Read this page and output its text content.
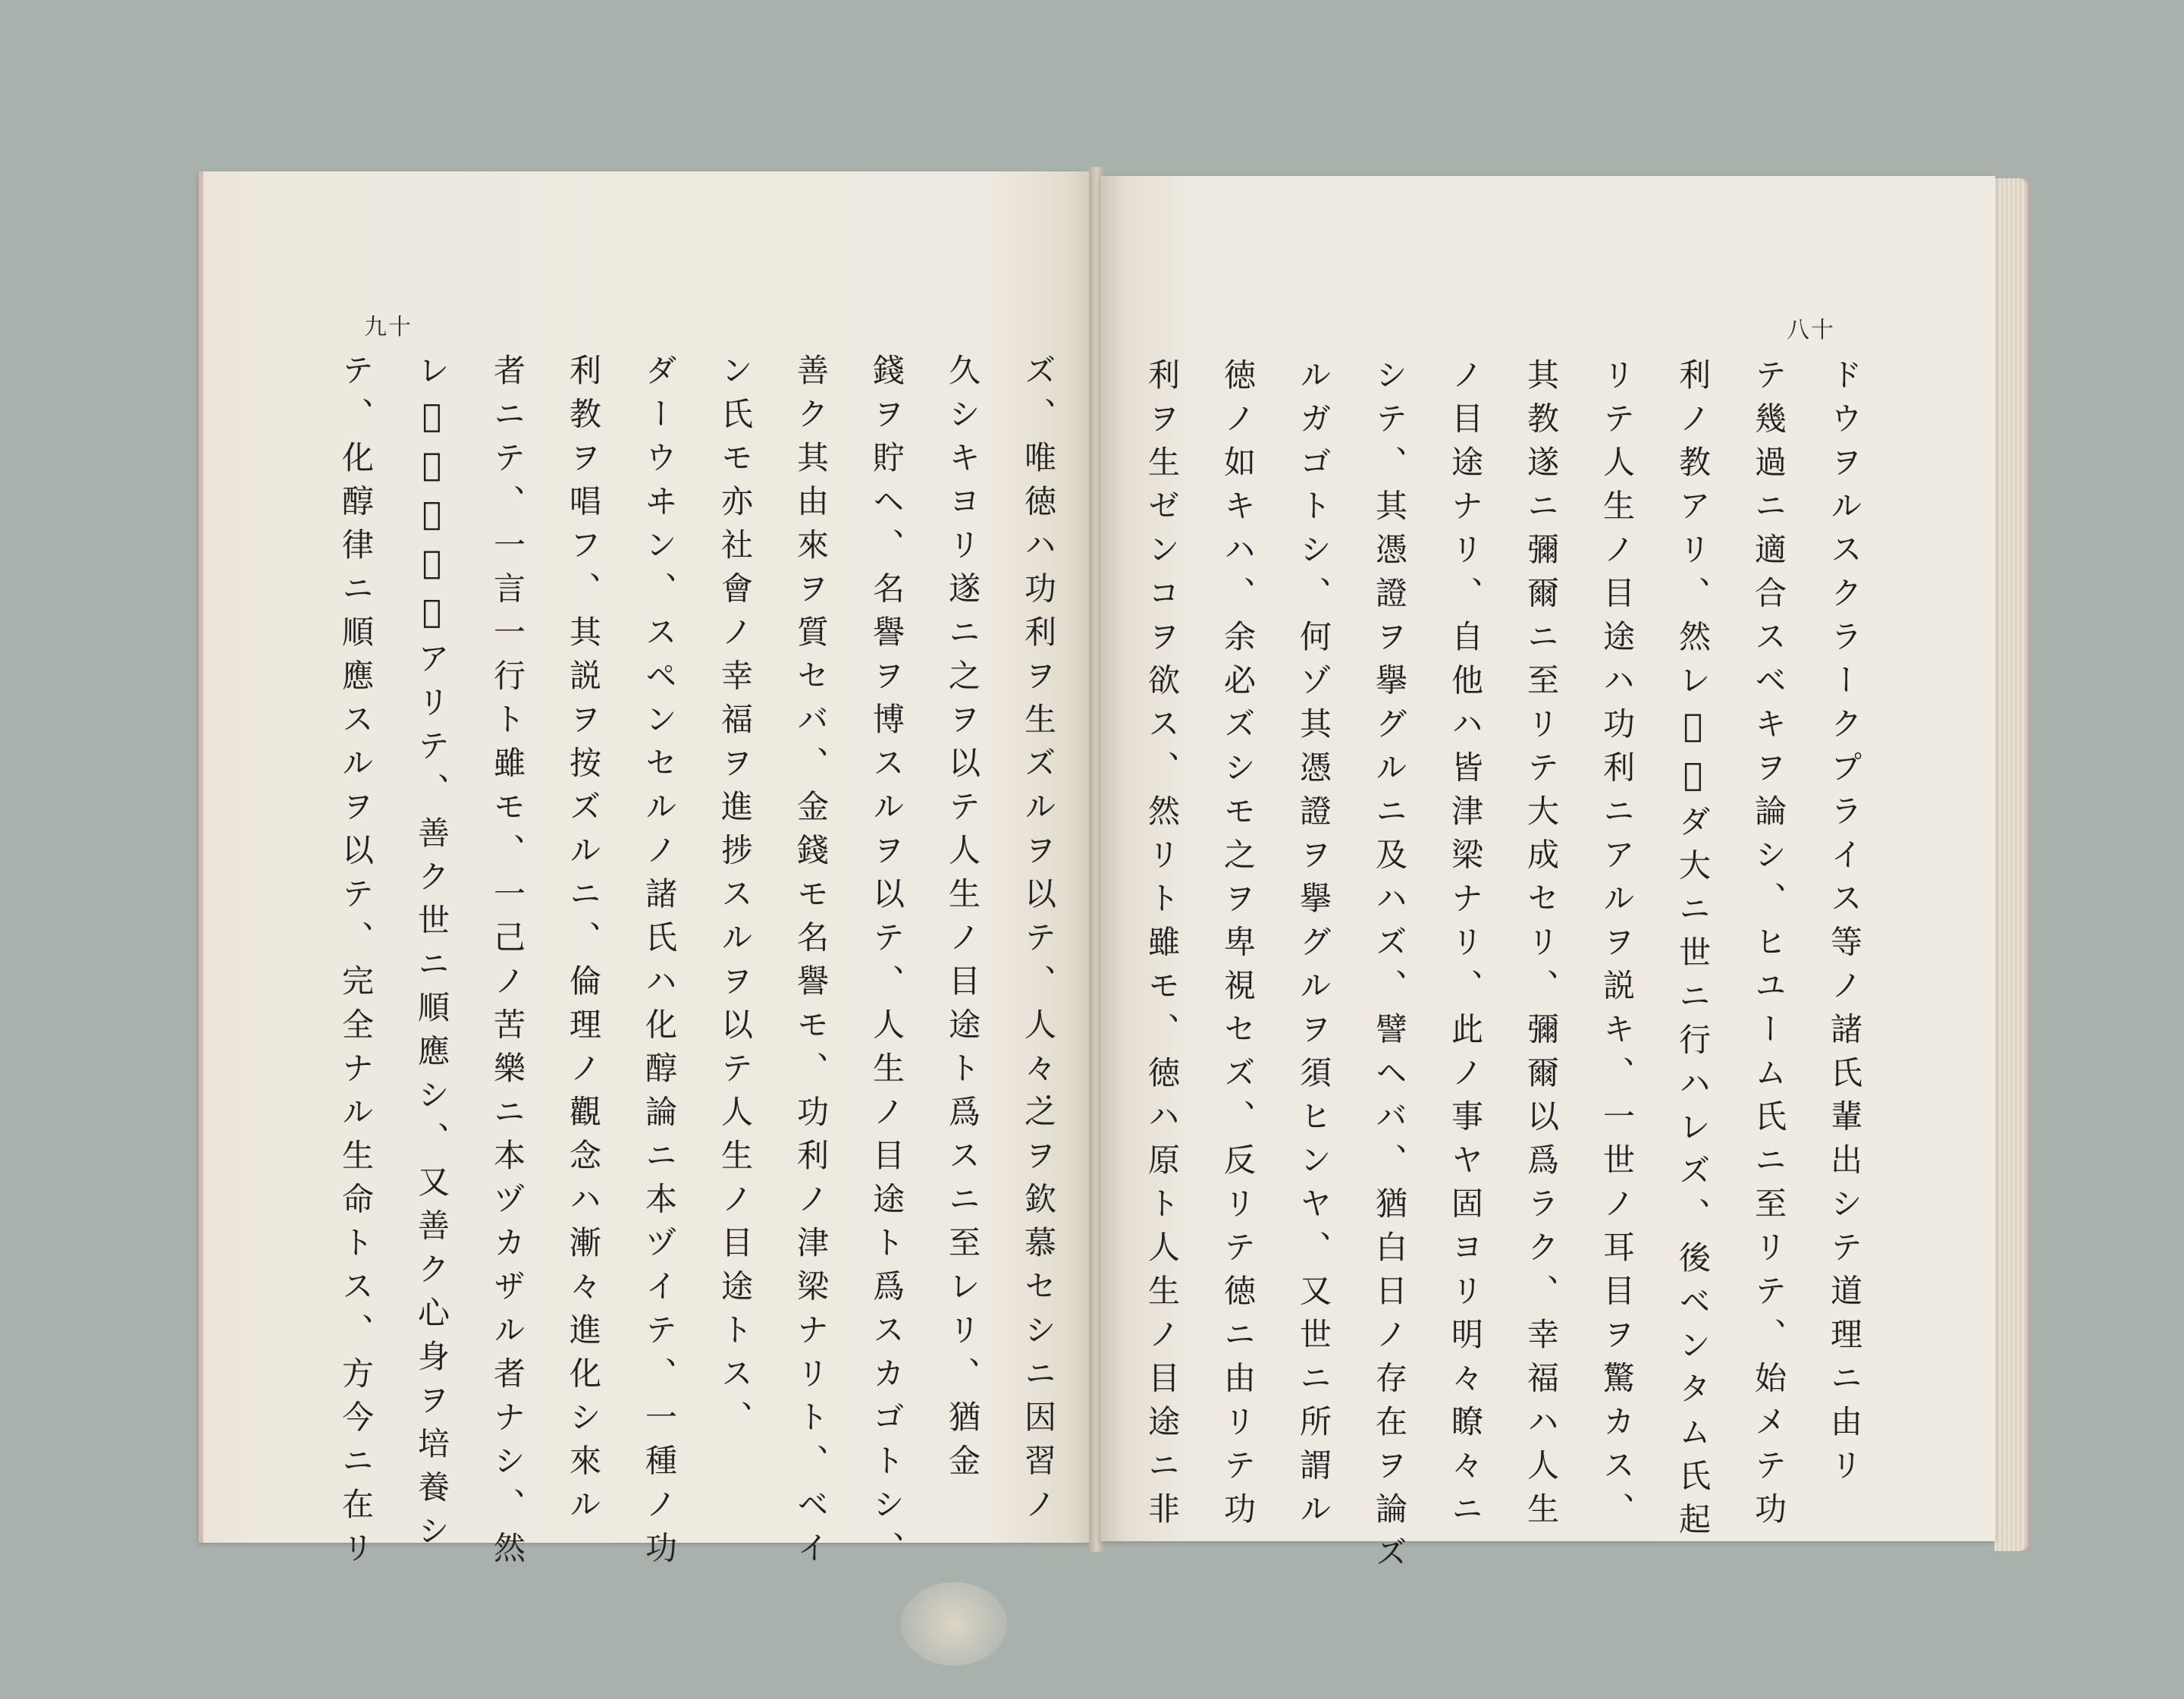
九十
ズ、唯徳ハ功利ヲ生ズルヲ以テ、人々之ヲ欽慕セシニ因習ノ
久シキヨリ遂ニ之ヲ以テ人生ノ目途ト爲スニ至レリ、猶金
錢ヲ貯ヘ、名譽ヲ博スルヲ以テ、人生ノ目途ト爲スカゴトシ、
善ク其由來ヲ質セバ、金錢モ名譽モ、功利ノ津梁ナリト、ベイ
ン氏モ亦社會ノ幸福ヲ進捗スルヲ以テ人生ノ目途トス、
ダーウヰン、スペンセルノ諸氏ハ化醇論ニ本ヅイテ、一種ノ功
利教ヲ唱フ、其説ヲ按ズルニ、倫理ノ觀念ハ漸々進化シ來ル
者ニテ、一言一行ト雖モ、一己ノ苦樂ニ本ヅカザル者ナシ、然
レ𪜈人心義氣アリテ、善ク世ニ順應シ、又善ク心身ヲ培養シ
テ、化醇律ニ順應スルヲ以テ、完全ナル生命トス、方今ニ在リ
八十
ドウヲルスクラークプライス等ノ諸氏輩出シテ道理ニ由リ
テ幾過ニ適合スベキヲ論シ、ヒユーム氏ニ至リテ、始メテ功
利ノ教アリ、然レ𪜈未ダ大ニ世ニ行ハレズ、後ベンタム氏起
リテ人生ノ目途ハ功利ニアルヲ説キ、一世ノ耳目ヲ驚カス、
其教遂ニ彌爾ニ至リテ大成セリ、彌爾以爲ラク、幸福ハ人生
ノ目途ナリ、自他ハ皆津梁ナリ、此ノ事ヤ固ヨリ明々瞭々ニ
シテ、其憑證ヲ擧グルニ及ハズ、譬ヘバ、猶白日ノ存在ヲ論ズ
ルガゴトシ、何ゾ其憑證ヲ擧グルヲ須ヒンヤ、又世ニ所謂ル
徳ノ如キハ、余必ズシモ之ヲ卑視セズ、反リテ徳ニ由リテ功
利ヲ生ゼンコヲ欲ス、然リト雖モ、徳ハ原ト人生ノ目途ニ非
